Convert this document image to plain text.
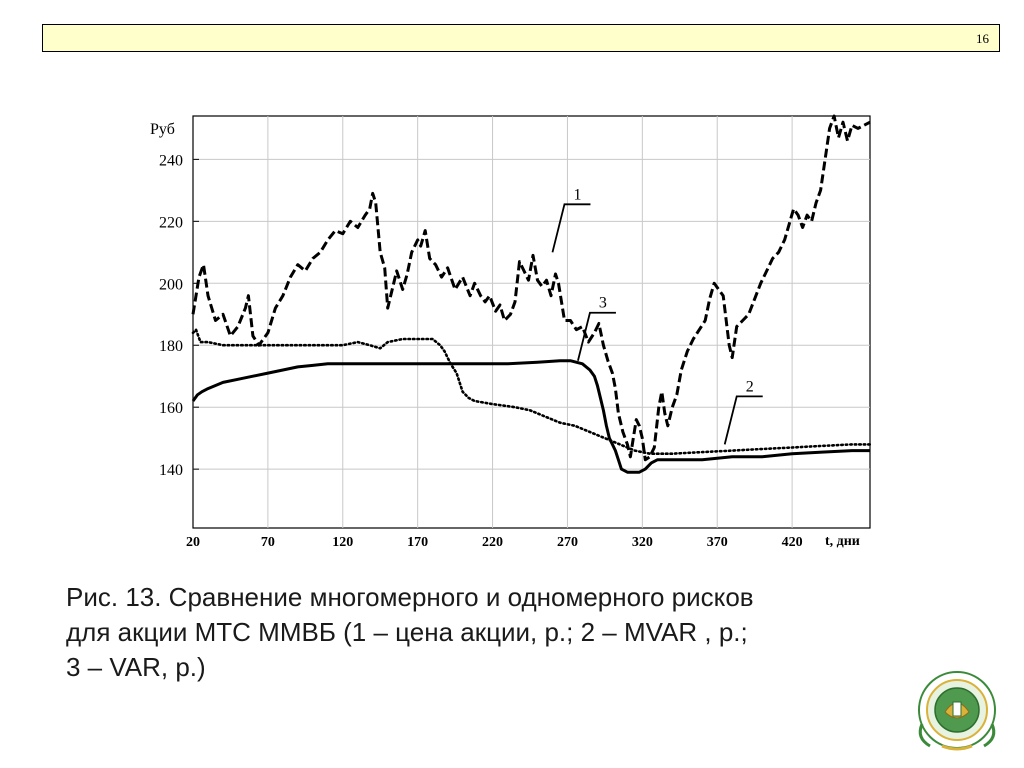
16
1
2
3
20	70	120	170	220	270	320	370	420
140
160
180
200
220
240
Руб
t, дни
Рис. 13. Сравнение многомерного и одномерного рисков
для акции МТС ММВБ (1 – цена акции, р.; 2 – MVAR , р.;
3 – VAR, р.)
